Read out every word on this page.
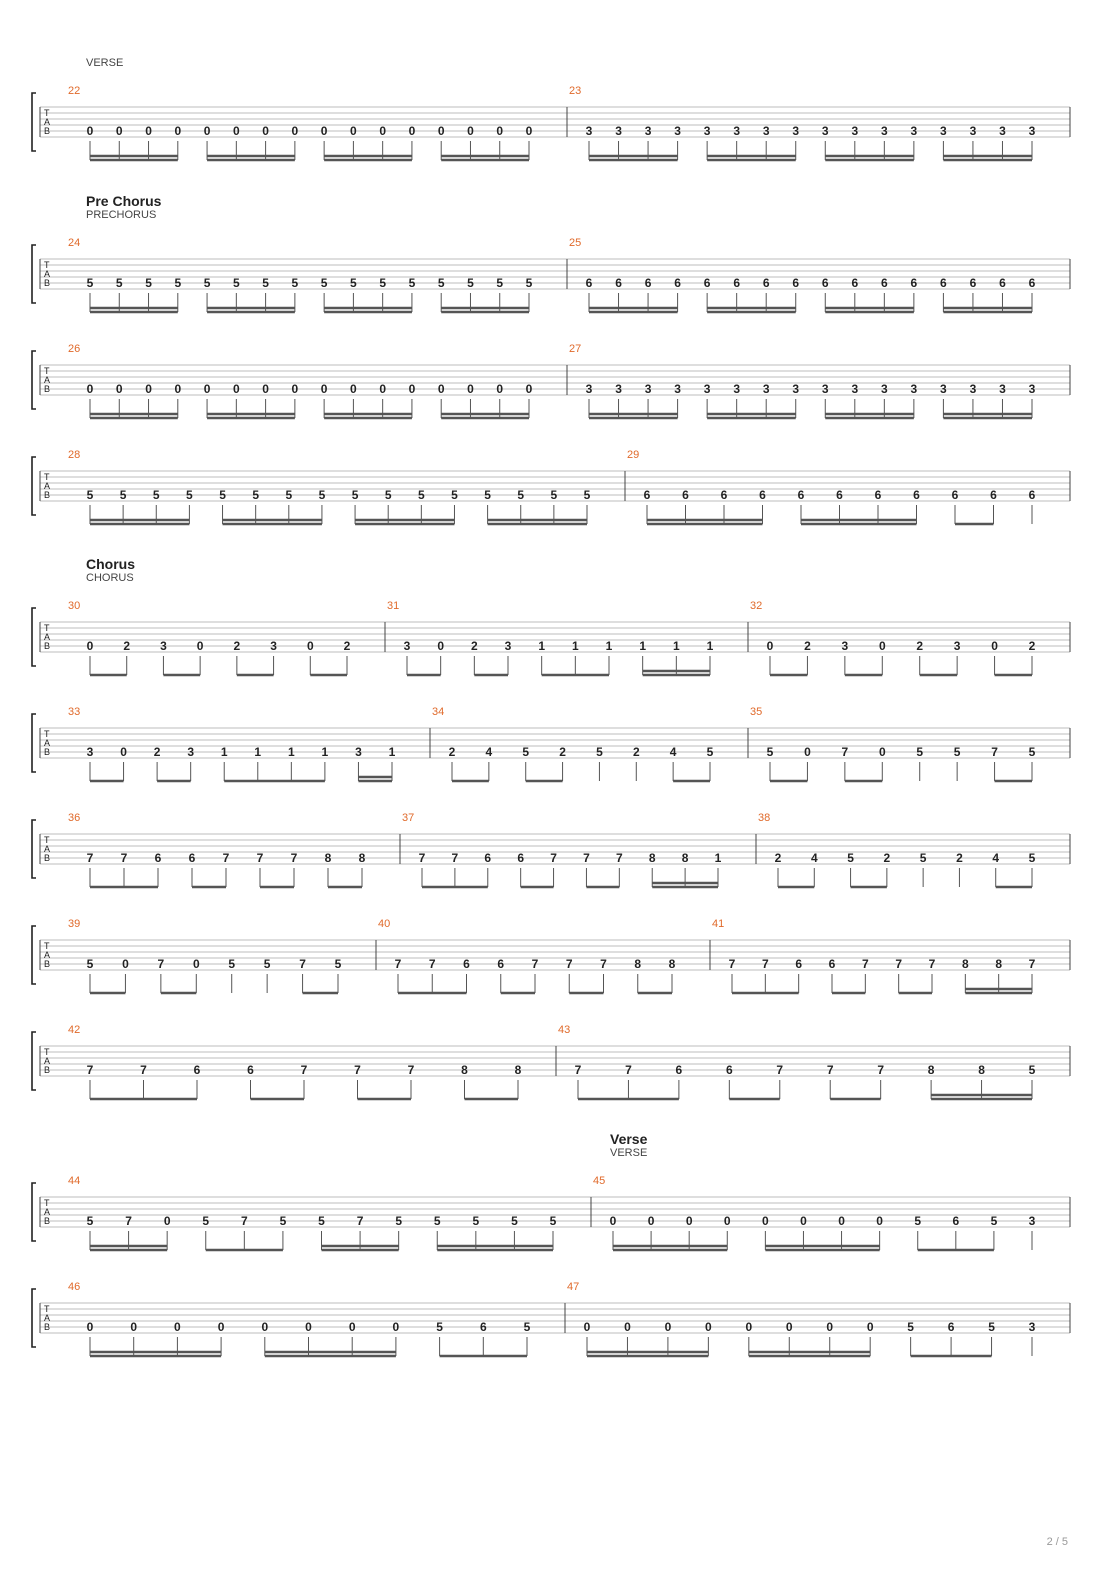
2 / 5
T
A
B
22
0 0 0 0 0 0 0 0 0 0 0 0 0 0 0 0
23
3 3 3 3 3 3 3 3 3 3 3 3 3 3 3 3
T
A
B
24
5 5 5 5 5 5 5 5 5 5 5 5 5 5 5 5
25
6 6 6 6 6 6 6 6 6 6 6 6 6 6 6 6
T
A
B
26
0 0 0 0 0 0 0 0 0 0 0 0 0 0 0 0
27
3 3 3 3 3 3 3 3 3 3 3 3 3 3 3 3
T
A
B
28
5 5 5 5 5 5 5 5 5 5 5 5 5 5 5 5
29
6	6	6	6	6	6	6	6	6	6	6
T
A
B
30
0	2	3	0	2	3	0	2
31
3 0 2 3 1 1 1 1 1 1
32
0	2	3	0	2	3	0	2
T
A
B
33
3 0 2 3 1 1 1 1 3 1
34
2	4	5	2	5	2	4	5
35
5	0	7	0	5	5	7	5
T
A
B
36
7 7 6 6 7 7 7 8 8
37
7 7 6 6 7 7 7 8 8 1
38
2 4 5 2 5 2 4 5
T
A
B
39
5 0 7 0 5 5 7 5
40
7 7 6 6 7 7 7 8 8
41
7 7 6 6 7 7 7 8 8 7
T
A
B
42
7	7	6	6	7	7	7	8	8
43
7	7	6	6	7	7	7	8	8	5
T
A
B
44
5	7	0	5	7	5	5	7	5	5	5	5	5
45
0	0	0	0	0	0	0	0	5	6	5	3
T
A
B
46
0	0	0	0	0	0	0	0	5	6	5
47
0	0	0	0	0	0	0	0	5	6	5	3
VERSE
Pre Chorus
PRECHORUS
Chorus
CHORUS
Verse
VERSE
